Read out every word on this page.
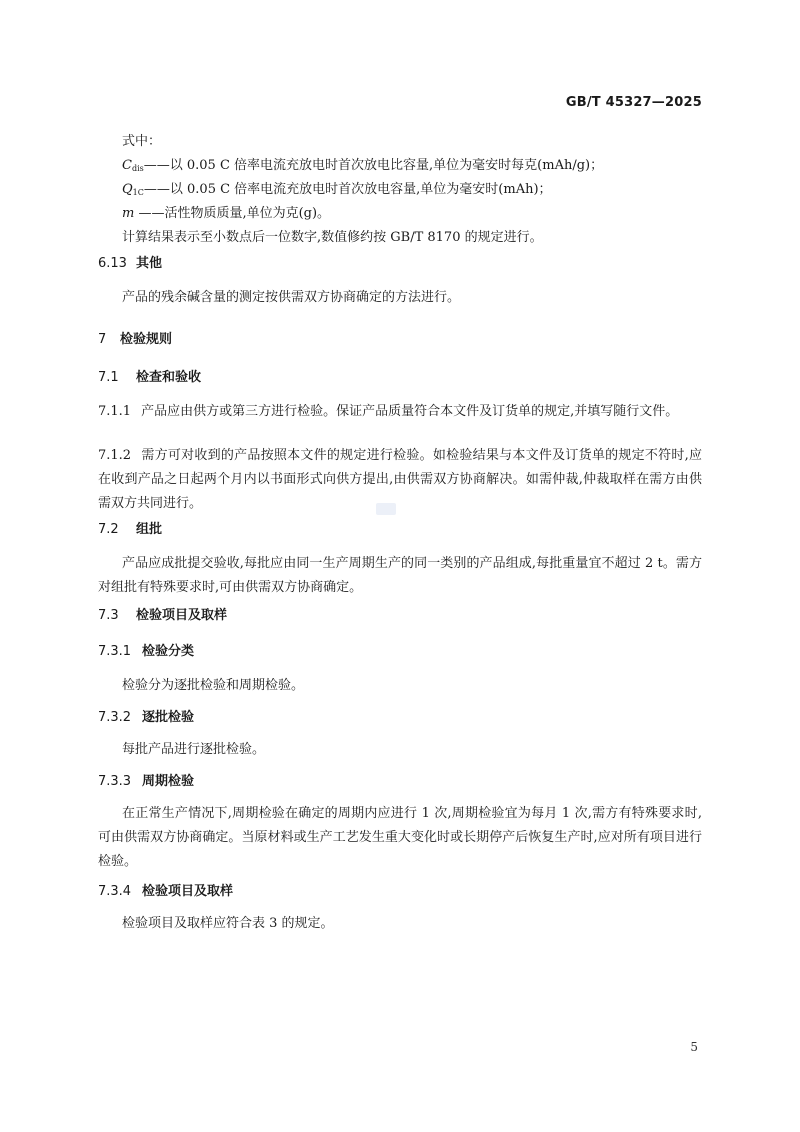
GB/T 45327—2025
式中：
$C_{dis}——$以 0.05 C 倍率电流充放电时首次放电比容量,单位为毫安时每克(mAh/g)；
$Q_{1C}——$以 0.05 C 倍率电流充放电时首次放电容量,单位为毫安时(mAh)；
m ——活性物质质量,单位为克(g)。
计算结果表示至小数点后一位数字,数值修约按 GB/T 8170 的规定进行。
6.13 其他
产品的残余碱含量的测定按供需双方协商确定的方法进行。
7 检验规则
7.1 检查和验收
7.1.1 产品应由供方或第三方进行检验。保证产品质量符合本文件及订货单的规定,并填写随行文件。
7.1.2 需方可对收到的产品按照本文件的规定进行检验。如检验结果与本文件及订货单的规定不符时,应在收到产品之日起两个月内以书面形式向供方提出,由供需双方协商解决。如需仲裁,仲裁取样在需方由供需双方共同进行。
7.2 组批
产品应成批提交验收,每批应由同一生产周期生产的同一类别的产品组成,每批重量宜不超过 2 t。需方对组批有特殊要求时,可由供需双方协商确定。
7.3 检验项目及取样
7.3.1 检验分类
检验分为逐批检验和周期检验。
7.3.2 逐批检验
每批产品进行逐批检验。
7.3.3 周期检验
在正常生产情况下,周期检验在确定的周期内应进行 1 次,周期检验宜为每月 1 次,需方有特殊要求时,可由供需双方协商确定。当原材料或生产工艺发生重大变化时或长期停产后恢复生产时,应对所有项目进行检验。
7.3.4 检验项目及取样
检验项目及取样应符合表 3 的规定。
5
